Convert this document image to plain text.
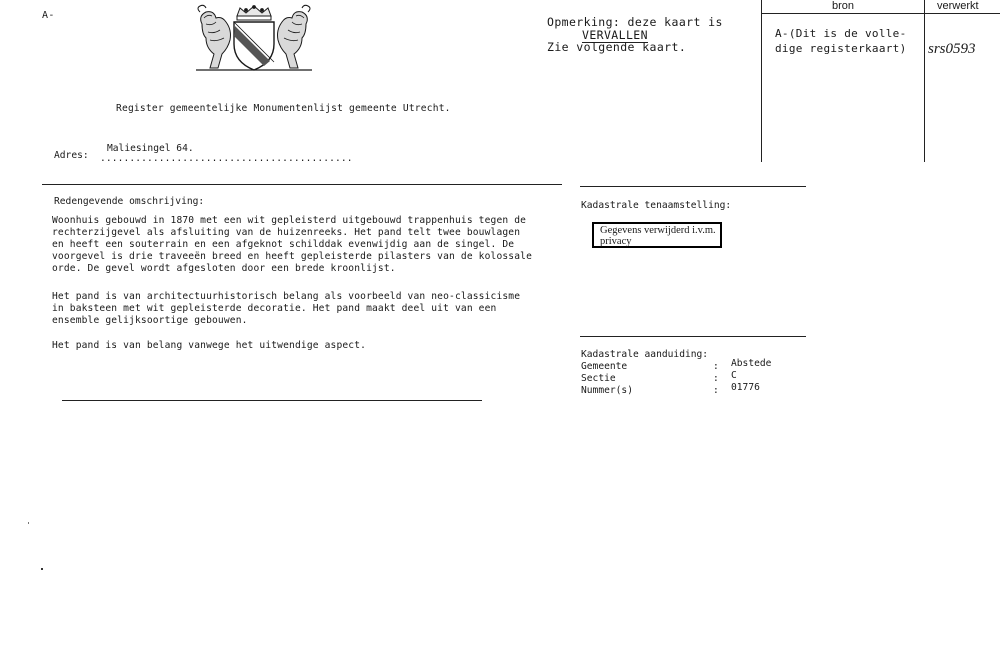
A-
Register gemeentelijke Monumentenlijst gemeente Utrecht.
Opmerking: deze kaart is
VERVALLEN
Zie volgende kaart.
bron	verwerkt
A-(Dit is de volle-
dige registerkaart) srs0593
Adres:
Maliesingel 64.
...........................................
Redengevende omschrijving:
Woonhuis gebouwd in 1870 met een wit gepleisterd uitgebouwd trappenhuis tegen de
rechterzijgevel als afsluiting van de huizenreeks. Het pand telt twee bouwlagen
en heeft een souterrain en een afgeknot schilddak evenwijdig aan de singel. De
voorgevel is drie traveeën breed en heeft gepleisterde pilasters van de kolossale
orde. De gevel wordt afgesloten door een brede kroonlijst.
Het pand is van architectuurhistorisch belang als voorbeeld van neo-classicisme
in baksteen met wit gepleisterde decoratie. Het pand maakt deel uit van een
ensemble gelijksoortige gebouwen.
Het pand is van belang vanwege het uitwendige aspect.
Kadastrale tenaamstelling:
Gegevens verwijderd i.v.m. privacy
Kadastrale aanduiding:
Gemeente	: Abstede
Sectie	: C
Nummer(s)	: 01776
